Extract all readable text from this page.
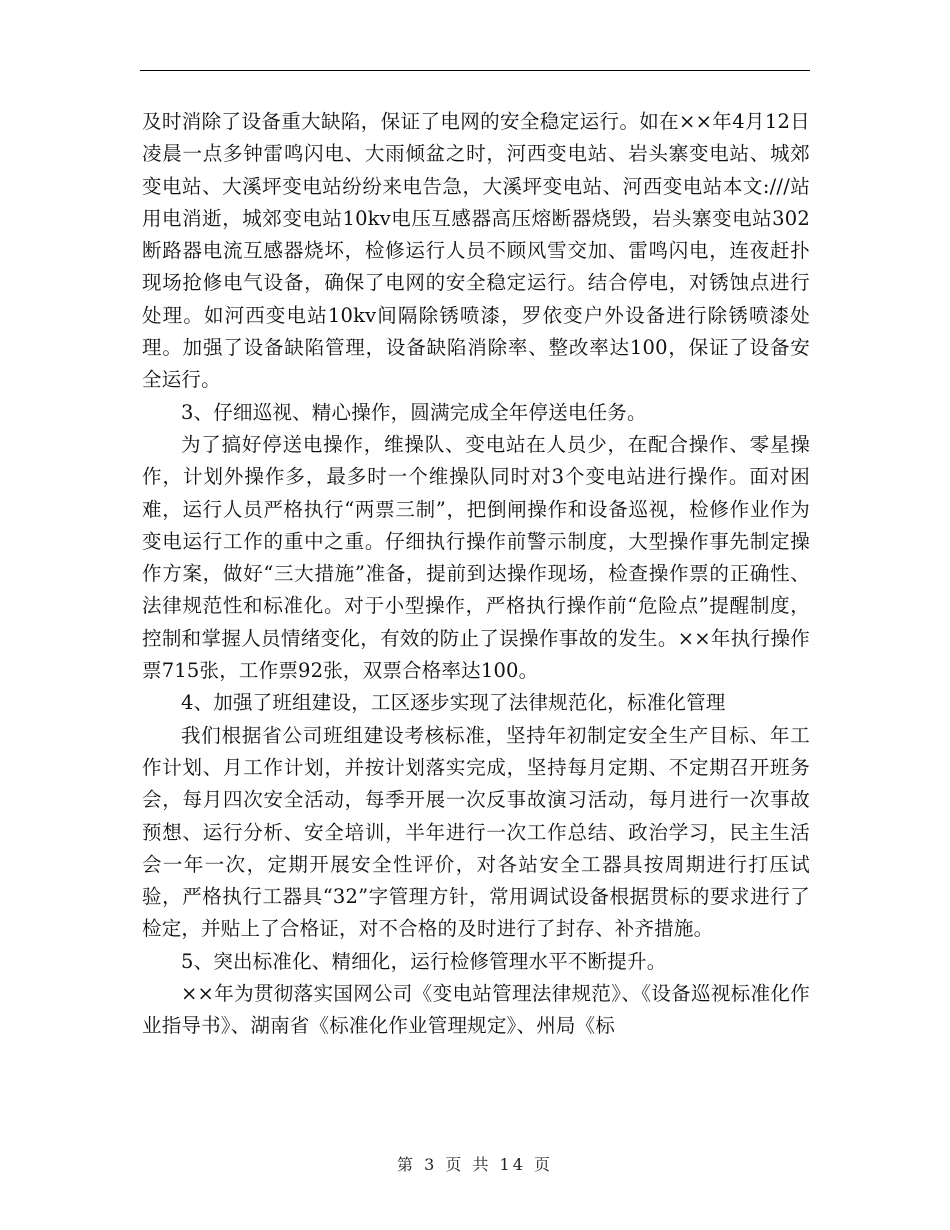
及时消除了设备重大缺陷，保证了电网的安全稳定运行。如在××年4月12日凌晨一点多钟雷鸣闪电、大雨倾盆之时，河西变电站、岩头寨变电站、城郊变电站、大溪坪变电站纷纷来电告急，大溪坪变电站、河西变电站本文:///站用电消逝，城郊变电站10kv电压互感器高压熔断器烧毁，岩头寨变电站302断路器电流互感器烧坏，检修运行人员不顾风雪交加、雷鸣闪电，连夜赶扑现场抢修电气设备，确保了电网的安全稳定运行。结合停电，对锈蚀点进行处理。如河西变电站10kv间隔除锈喷漆，罗依变户外设备进行除锈喷漆处理。加强了设备缺陷管理，设备缺陷消除率、整改率达100，保证了设备安全运行。

3、仔细巡视、精心操作，圆满完成全年停送电任务。

为了搞好停送电操作，维操队、变电站在人员少，在配合操作、零星操作，计划外操作多，最多时一个维操队同时对3个变电站进行操作。面对困难，运行人员严格执行“两票三制”，把倒闸操作和设备巡视，检修作业作为变电运行工作的重中之重。仔细执行操作前警示制度，大型操作事先制定操作方案，做好“三大措施”准备，提前到达操作现场，检查操作票的正确性、法律规范性和标准化。对于小型操作，严格执行操作前“危险点”提醒制度，控制和掌握人员情绪变化，有效的防止了误操作事故的发生。××年执行操作票715张，工作票92张，双票合格率达100。

4、加强了班组建设，工区逐步实现了法律规范化，标准化管理

我们根据省公司班组建设考核标准，坚持年初制定安全生产目标、年工作计划、月工作计划，并按计划落实完成，坚持每月定期、不定期召开班务会，每月四次安全活动，每季开展一次反事故演习活动，每月进行一次事故预想、运行分析、安全培训，半年进行一次工作总结、政治学习，民主生活会一年一次，定期开展安全性评价，对各站安全工器具按周期进行打压试验，严格执行工器具“32”字管理方针，常用调试设备根据贯标的要求进行了检定，并贴上了合格证，对不合格的及时进行了封存、补齐措施。

5、突出标准化、精细化，运行检修管理水平不断提升。

××年为贯彻落实国网公司《变电站管理法律规范》、《设备巡视标准化作业指导书》、湖南省《标准化作业管理规定》、州局《标

第 3 页 共 14 页
